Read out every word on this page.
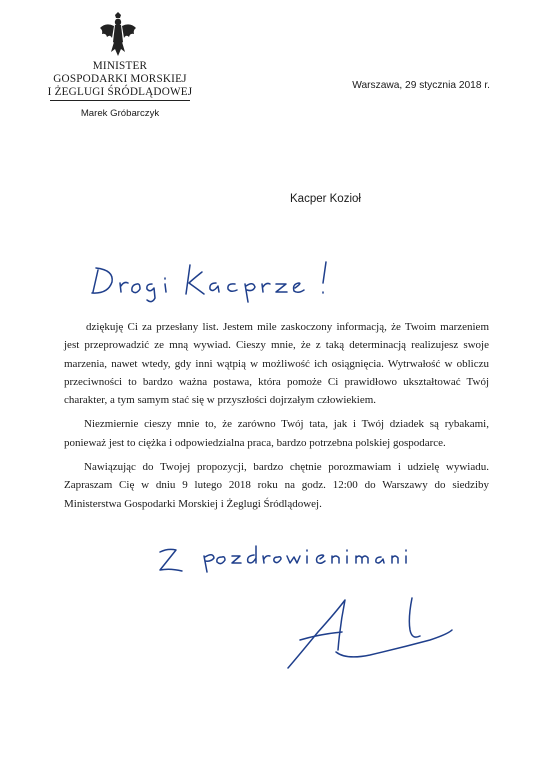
MINISTER
GOSPODARKI MORSKIEJ
I ŻEGLUGI ŚRÓDLĄDOWEJ
Marek Gróbarczyk
Warszawa, 29 stycznia 2018 r.
Kacper Kozioł

dziękuję Ci za przesłany list. Jestem mile zaskoczony informacją, że Twoim marzeniem jest przeprowadzić ze mną wywiad. Cieszy mnie, że z taką determinacją realizujesz swoje marzenia, nawet wtedy, gdy inni wątpią w możliwość ich osiągnięcia. Wytrwałość w obliczu przeciwności to bardzo ważna postawa, która pomoże Ci prawidłowo ukształtować Twój charakter, a tym samym stać się w przyszłości dojrzałym człowiekiem.

Niezmiernie cieszy mnie to, że zarówno Twój tata, jak i Twój dziadek są rybakami, ponieważ jest to ciężka i odpowiedzialna praca, bardzo potrzebna polskiej gospodarce.

Nawiązując do Twojej propozycji, bardzo chętnie porozmawiam i udzielę wywiadu. Zapraszam Cię w dniu 9 lutego 2018 roku na godz. 12:00 do Warszawy do siedziby Ministerstwa Gospodarki Morskiej i Żeglugi Śródlądowej.
